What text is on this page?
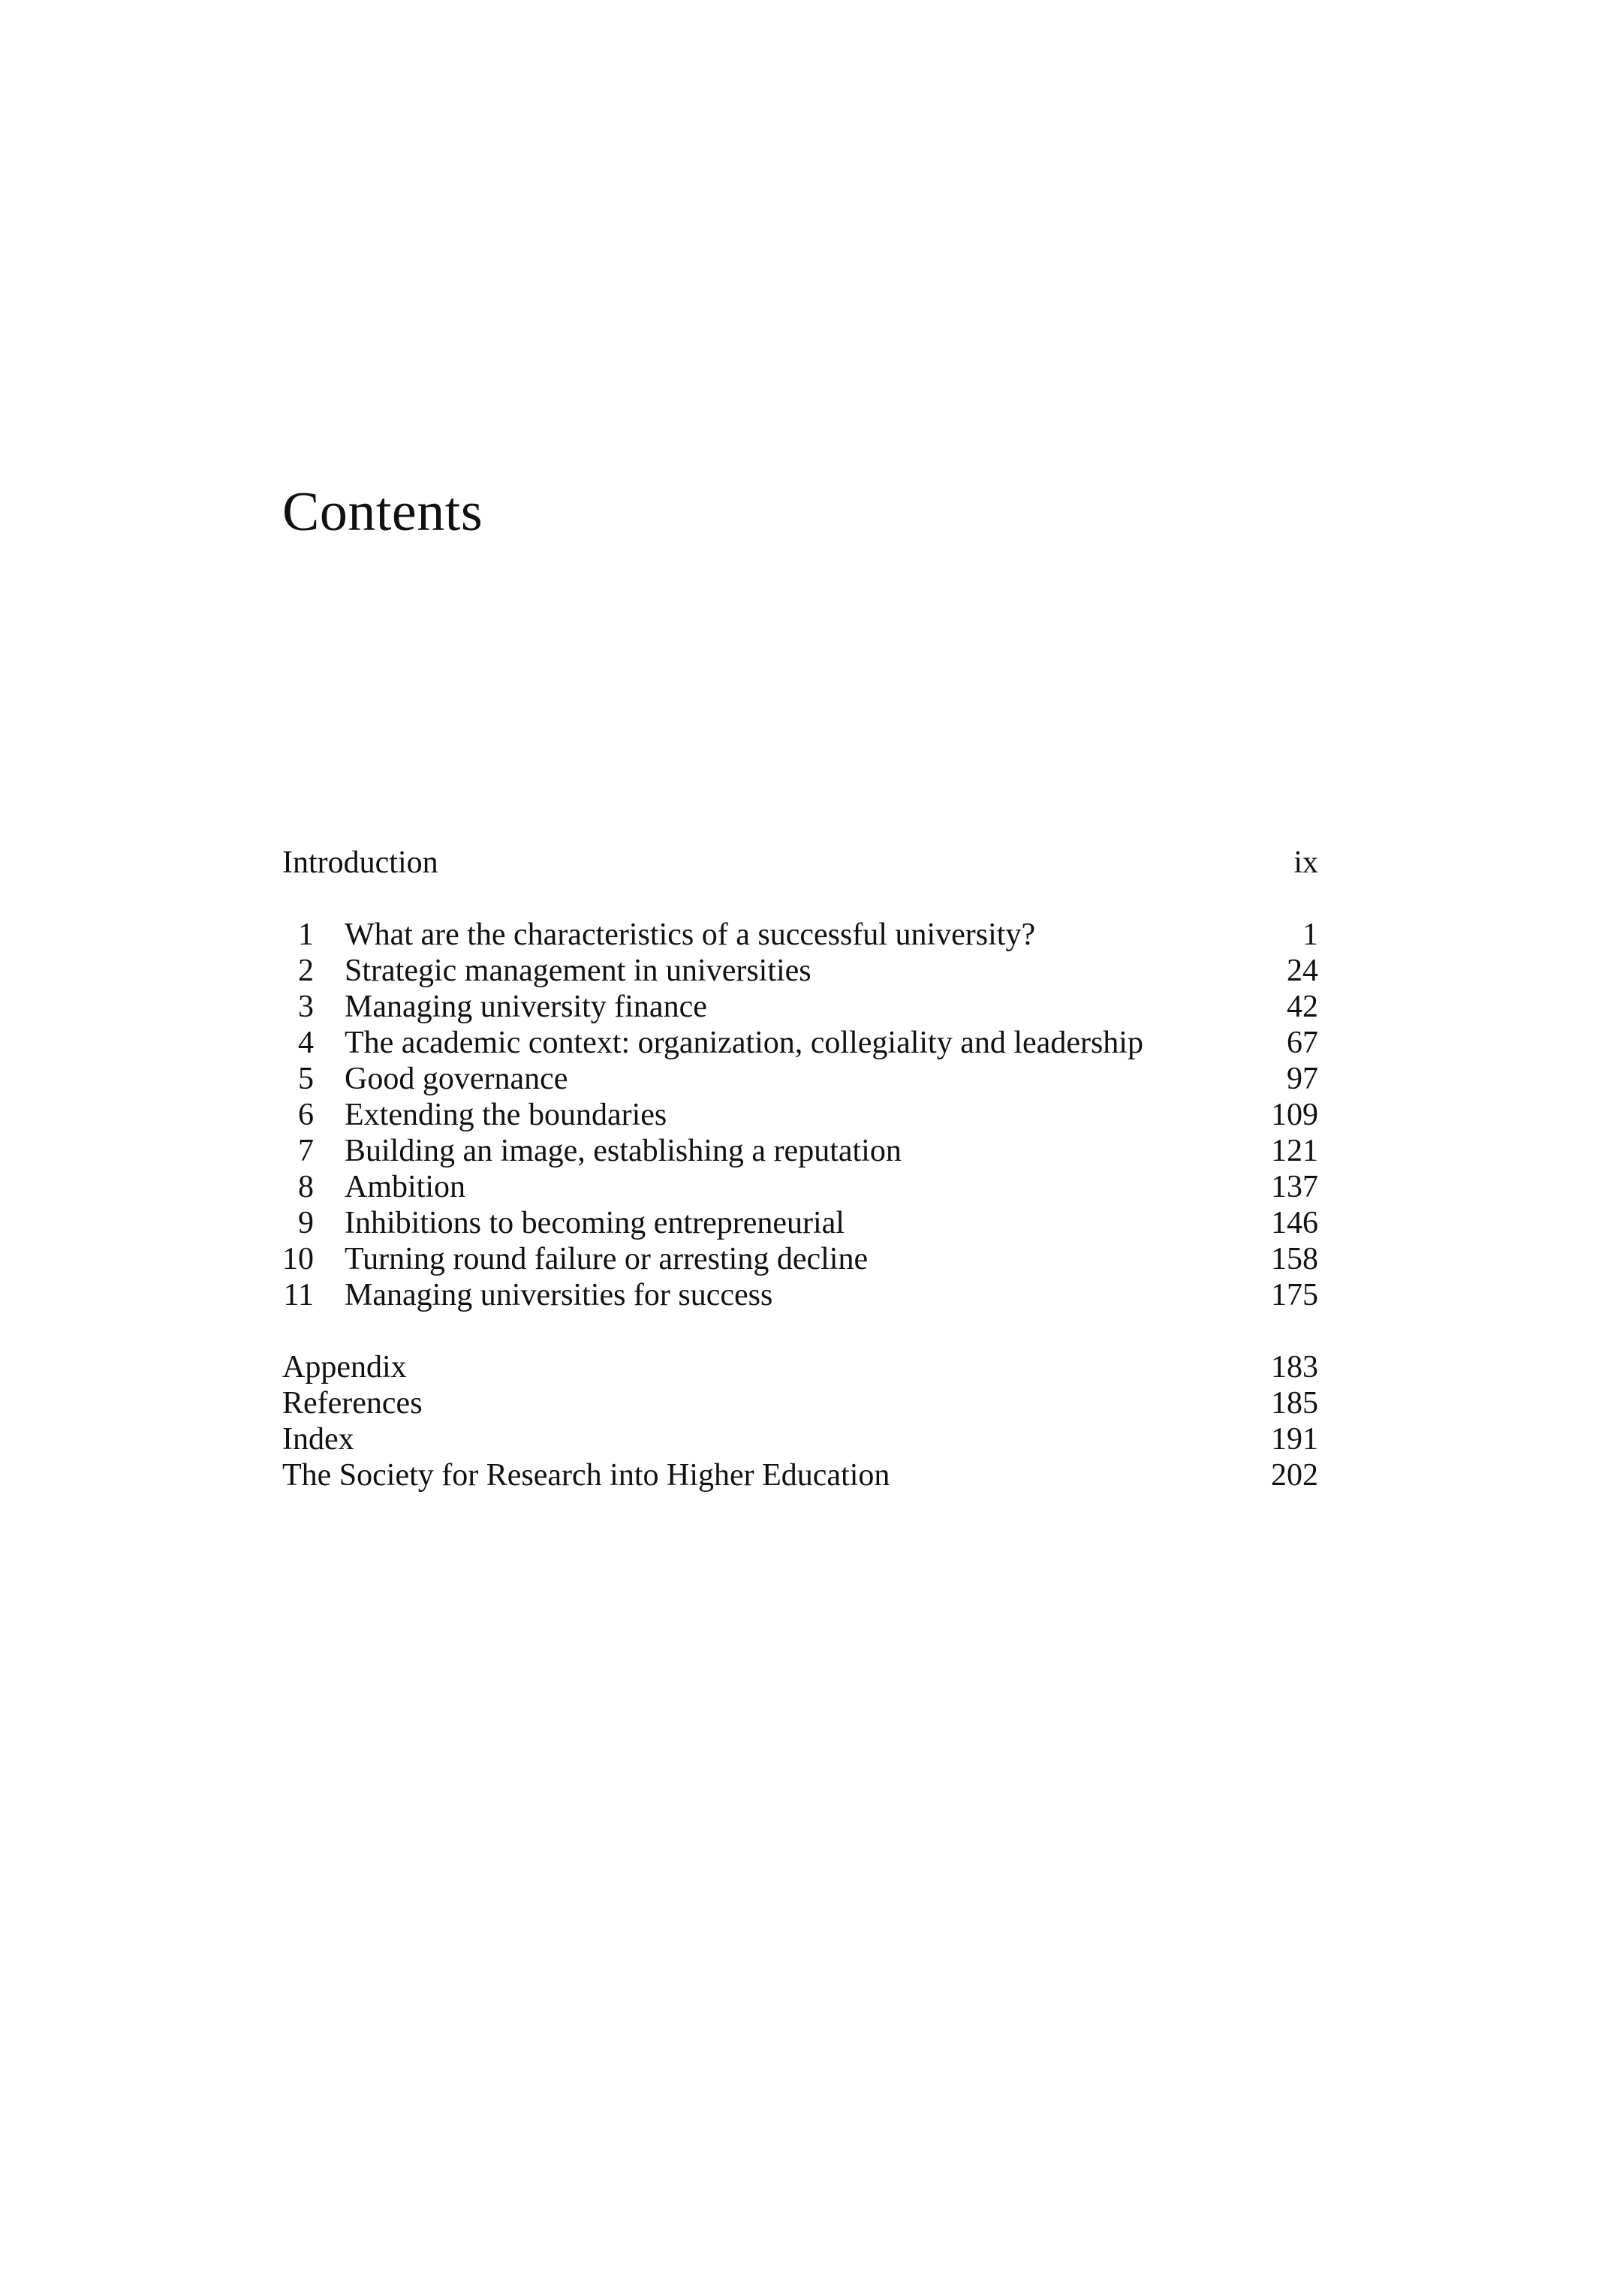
Contents
Introduction	ix
1 What are the characteristics of a successful university?	1
2 Strategic management in universities	24
3 Managing university finance	42
4 The academic context: organization, collegiality and leadership	67
5 Good governance	97
6 Extending the boundaries	109
7 Building an image, establishing a reputation	121
8 Ambition	137
9 Inhibitions to becoming entrepreneurial	146
10 Turning round failure or arresting decline	158
11 Managing universities for success	175
Appendix	183
References	185
Index	191
The Society for Research into Higher Education	202
